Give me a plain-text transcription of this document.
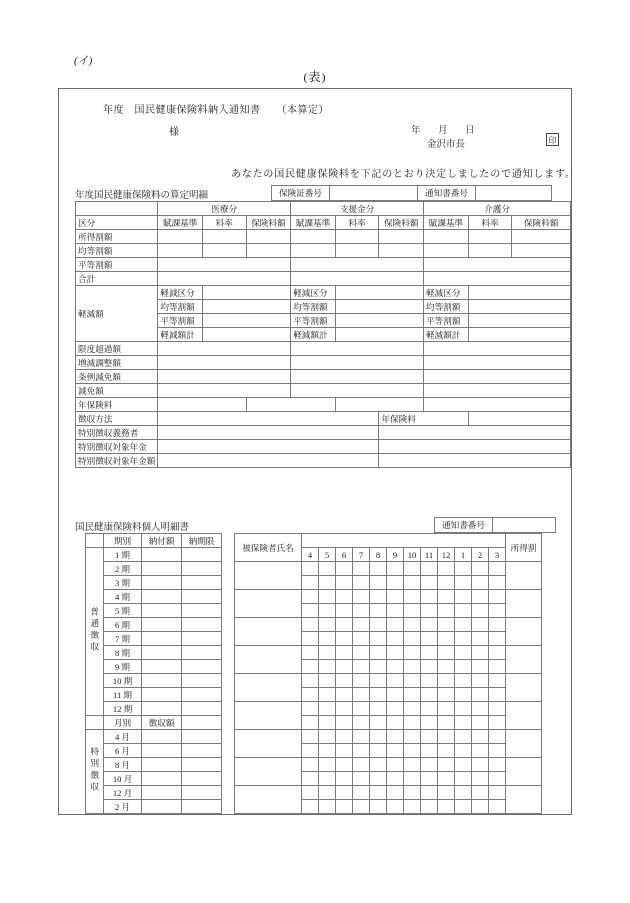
(イ)
(表)
年度　国民健康保険料納入通知書　　（本算定）
様	年　月　日
金沢市長	印
あなたの国民健康保険料を下記のとおり決定しましたので通知します。
年度国民健康保険料の算定明細	保険証番号		通知書番号	
	医療分			支援金分			介護分		
区分	賦課基準	料率	保険料額	賦課基準	料率	保険料額	賦課基準	料率	保険料額
所得割額									
均等割額									
平等割額									
合計									
軽減額	軽減区分			軽減区分			軽減区分		
	均等割額			均等割額			均等割額		
	平等割額			平等割額			平等割額		
	軽減額計			軽減額計			軽減額計		
限度超過額									
増減調整額									
条例減免額									
減免額									
年保険料									
徴収方法						年保険料			
特別徴収義務者									
特別徴収対象年金									
特別徴収対象年金額									
国民健康保険料個人明細書	通知書番号	
	期別	納付額	納期限
普通徴収	1 期		
	2 期		
	3 期		
	4 期		
	5 期		
	6 期		
	7 期		
	8 期		
	9 期		
	10 期		
	11 期		
	12 期		
	月別	徴収額	
特別徴収	4 月		
	6 月		
	8 月		
	10 月		
	12 月		
	2 月		
被保険者氏名													所得割
	4	5	6	7	8	9	10	11	12	1	2	3	
